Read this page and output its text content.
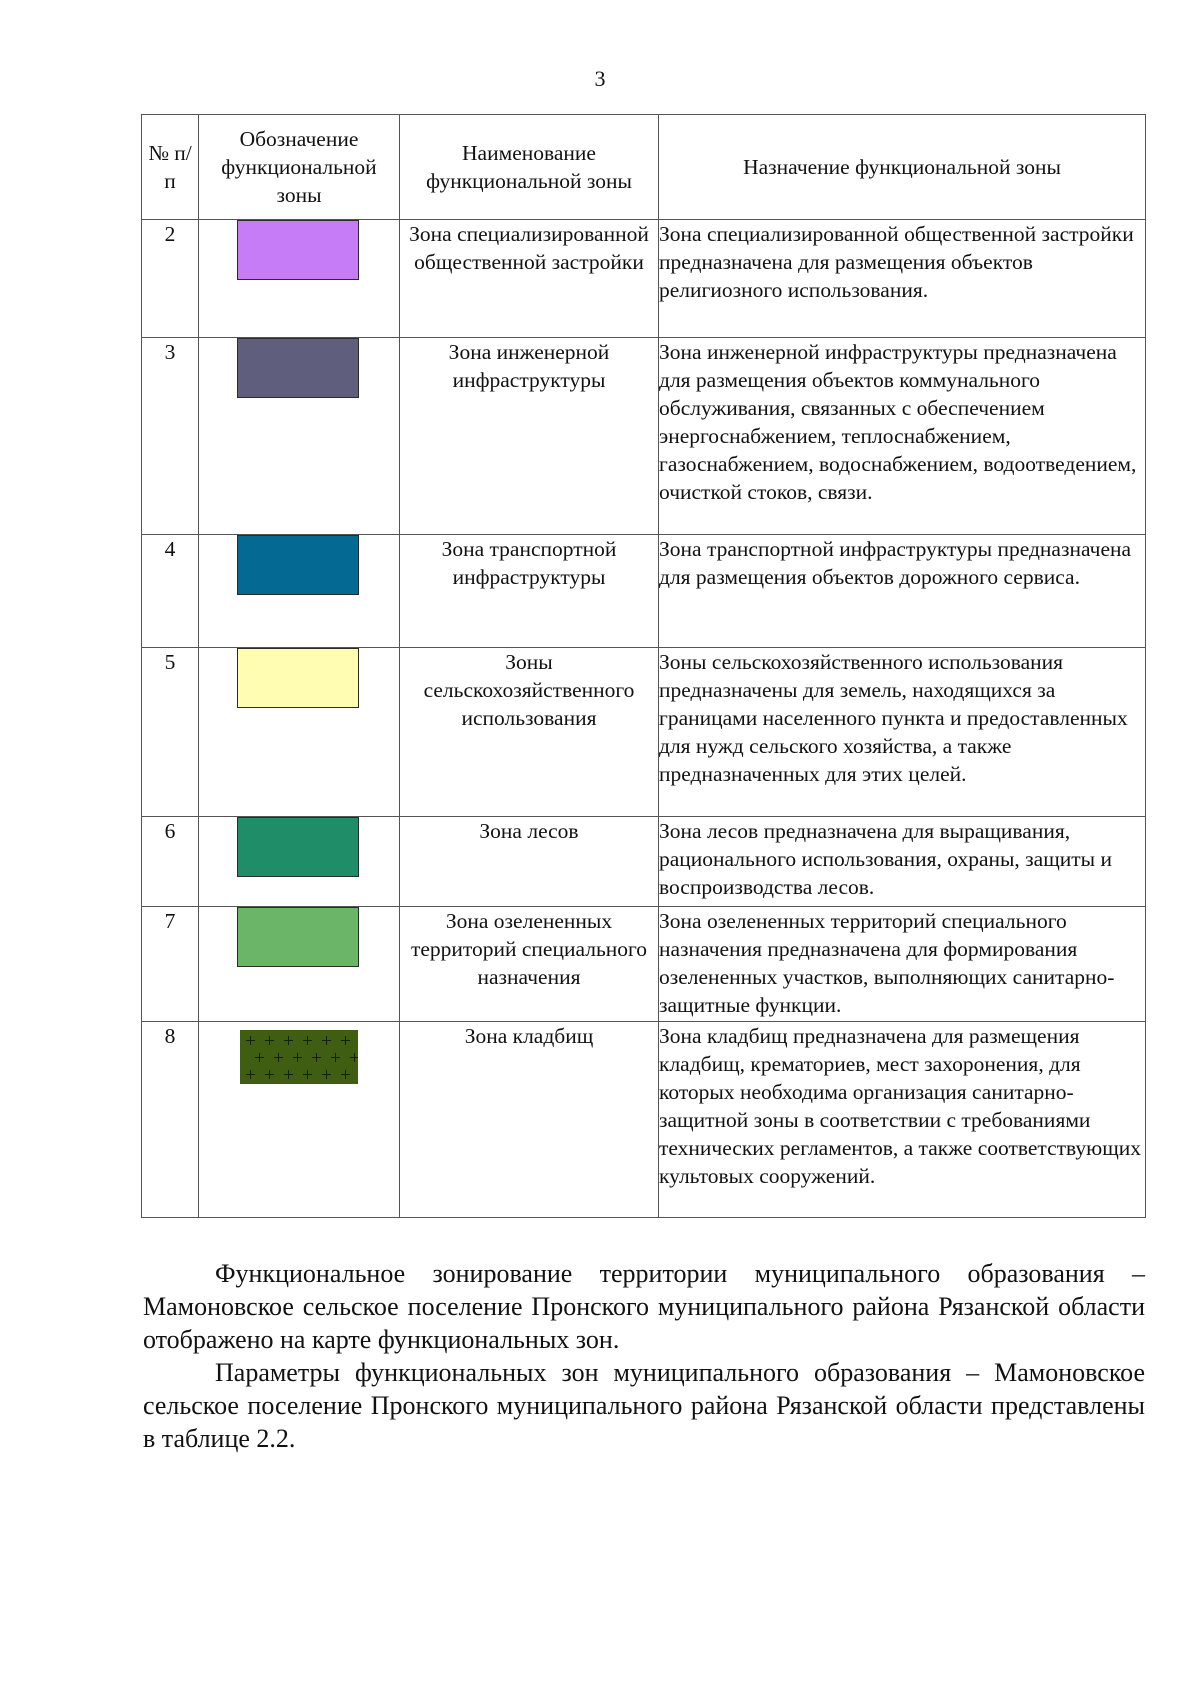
3
№ п/п	Обозначение функциональной зоны	Наименование функциональной зоны	Назначение функциональной зоны
2		Зона специализированной общественной застройки	Зона специализированной общественной застройки предназначена для размещения объектов религиозного использования.
3		Зона инженерной инфраструктуры	Зона инженерной инфраструктуры предназначена для размещения объектов коммунального обслуживания, связанных с обеспечением энергоснабжением, теплоснабжением, газоснабжением, водоснабжением, водоотведением, очисткой стоков, связи.
4		Зона транспортной инфраструктуры	Зона транспортной инфраструктуры предназначена для размещения объектов дорожного сервиса.
5		Зоны сельскохозяйственного использования	Зоны сельскохозяйственного использования предназначены для земель, находящихся за границами населенного пункта и предоставленных для нужд сельского хозяйства, а также предназначенных для этих целей.
6		Зона лесов	Зона лесов предназначена для выращивания, рационального использования, охраны, защиты и воспроизводства лесов.
7		Зона озелененных территорий специального назначения	Зона озелененных территорий специального назначения предназначена для формирования озелененных участков, выполняющих санитарно-защитные функции.
8		Зона кладбищ	Зона кладбищ предназначена для размещения кладбищ, крематориев, мест захоронения, для которых необходима организация санитарно-защитной зоны в соответствии с требованиями технических регламентов, а также соответствующих культовых сооружений.

Функциональное зонирование территории муниципального образования – Мамоновское сельское поселение Пронского муниципального района Рязанской области отображено на карте функциональных зон.

Параметры функциональных зон муниципального образования – Мамоновское сельское поселение Пронского муниципального района Рязанской области представлены в таблице 2.2.
